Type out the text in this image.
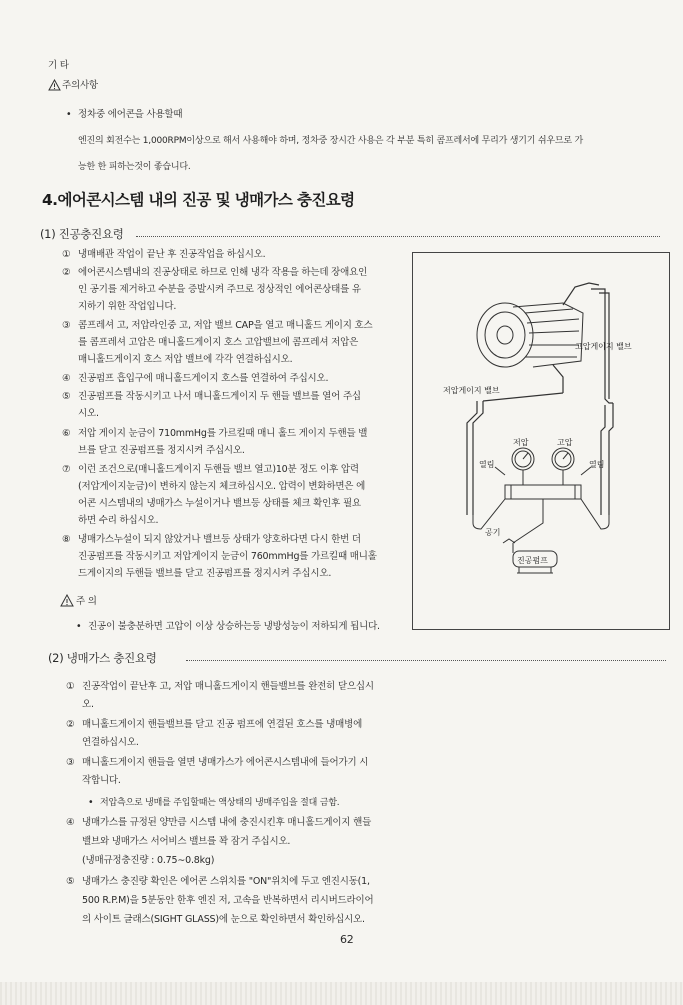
기 타
주의사항
• 정차중 에어콘을 사용할때
엔진의 회전수는 1,000RPM이상으로 해서 사용해야 하며, 정차중 장시간 사용은 각 부분 특히 콤프레서에 무리가 생기기 쉬우므로 가
능한 한 피하는것이 좋습니다.
4.에어콘시스템 내의 진공 및 냉매가스 충진요령
(1) 진공충진요령
① 냉매배관 작업이 끝난 후 진공작업을 하십시오.
② 에어콘시스템내의 진공상태로 하므로 인해 냉각 작용을 하는데 장애요인
인 공기를 제거하고 수분을 증발시켜 주므로 정상적인 에어콘상태를 유
지하기 위한 작업입니다.
③ 콤프레셔 고, 저압라인중 고, 저압 밸브 CAP을 열고 매니홀드 게이지 호스
를 콤프레셔 고압은 매니홀드게이지 호스 고압밸브에 콤프레셔 저압은
매니홀드게이지 호스 저압 밸브에 각각 연결하십시오.
④ 진공펌프 흡입구에 매니홀드게이지 호스를 연결하여 주십시오.
⑤ 진공펌프를 작동시키고 나서 매니홀드게이지 두 핸들 밸브를 열어 주십
시오.
⑥ 저압 게이지 눈금이 710mmHg를 가르킬때 매니 홀드 게이지 두핸들 밸
브를 닫고 진공펌프를 정지시켜 주십시오.
⑦ 이런 조건으로(매니홀드게이지 두핸들 밸브 열고)10분 정도 이후 압력
(저압게이지눈금)이 변하지 않는지 체크하십시오. 압력이 변화하면은 에
어콘 시스템내의 냉매가스 누설이거나 밸브등 상태를 체크 확인후 필요
하면 수리 하십시오.
⑧ 냉매가스누설이 되지 않았거나 밸브등 상태가 양호하다면 다시 한번 더
진공펌프를 작동시키고 저압게이지 눈금이 760mmHg를 가르킬때 매니홀
드게이지의 두핸들 밸브를 닫고 진공펌프를 정지시켜 주십시오.
주 의
• 진공이 불충분하면 고압이 이상 상승하는등 냉방성능이 저하되게 됩니다.
고압게이지 밸브
저압게이지 밸브
저압	고압
열림	열림
공기
진공펌프
(2) 냉매가스 충진요령
① 진공작업이 끝난후 고, 저압 매니홀드게이지 핸들밸브를 완전히 닫으십시
오.
② 매니홀드게이지 핸들밸브를 닫고 진공 펌프에 연결된 호스를 냉매병에
연결하십시오.
③ 매니홀드게이지 핸들을 열면 냉매가스가 에어콘시스템내에 들어가기 시
작합니다.
• 저압측으로 냉매를 주입할때는 액상태의 냉매주입을 절대 금함.
④ 냉매가스를 규정된 양만큼 시스템 내에 충진시킨후 매니홀드게이지 핸들
밸브와 냉매가스 서어비스 밸브를 꽉 잠거 주십시오.
(냉매규정충진량 : 0.75∼0.8kg)
⑤ 냉매가스 충진량 확인은 에어콘 스위치를 "ON"위치에 두고 엔진시동(1,
500 R.P.M)을 5분동안 한후 엔진 저, 고속을 반복하면서 리시버드라이어
의 사이트 글래스(SIGHT GLASS)에 눈으로 확인하면서 확인하십시오.
62
